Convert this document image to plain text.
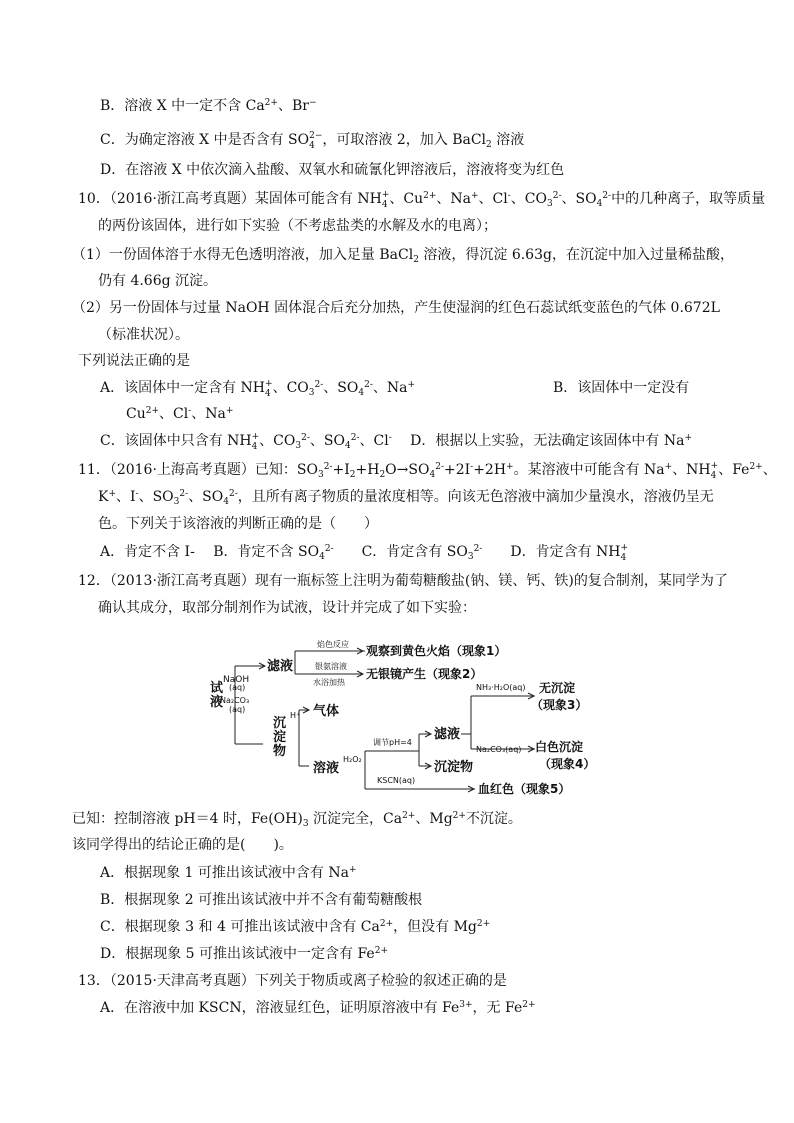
B．溶液 X 中一定不含 $Ca^{2+}$、Br−
C．为确定溶液 X 中是否含有 SO2−
4 ，可取溶液 2，加入 BaCl$_2$ 溶液
D．在溶液 X 中依次滴入盐酸、双氧水和硫氰化钾溶液后，溶液将变为红色
10．（2016·浙江高考真题）某固体可能含有 NH+
4 、$Cu^{2+}$、Na+、Cl-、$CO_3^{2-}$、$SO_4^{2-}$中的几种离子，取等质量
的两份该固体，进行如下实验（不考虑盐类的水解及水的电离）；
（1）一份固体溶于水得无色透明溶液，加入足量 BaCl$_2$ 溶液，得沉淀 6.63g，在沉淀中加入过量稀盐酸，
仍有 4.66g 沉淀。
（2）另一份固体与过量 NaOH 固体混合后充分加热，产生使湿润的红色石蕊试纸变蓝色的气体 0.672L
（标准状况）。
下列说法正确的是
A．该固体中一定含有 NH+
4 、$CO_3^{2-}$、$SO_4^{2-}$、Na+	B．该固体中一定没有
$Cu^{2+}$、Cl-、Na+
C．该固体中只含有 NH+
4 、$CO_3^{2-}$、$SO_4^{2-}$、Cl-　 D．根据以上实验，无法确定该固体中有 Na+
11．（2016·上海高考真题）已知：$SO_3^{2-}+I_2+H_2O\to SO_4^{2-}+2I^-+2H^+$。某溶液中可能含有 Na+、NH+
4 、$Fe^{2+}$、
K+、I-、$SO_3^{2-}$、$SO_4^{2-}$，且所有离子物质的量浓度相等。向该无色溶液中滴加少量溴水，溶液仍呈无
色。下列关于该溶液的判断正确的是（　　）
A．肯定不含 I-　 B．肯定不含 $SO_4^{2-}$　　C．肯定含有 $SO_3^{2-}$　　D．肯定含有 NH+
4
12．（2013·浙江高考真题）现有一瓶标签上注明为葡萄糖酸盐(钠、镁、钙、铁)的复合制剂，某同学为了
确认其成分，取部分制剂作为试液，设计并完成了如下实验：
试
液
NaOH
(aq)
Na₂CO₃
(aq)
滤液
焰色反应 观察到黄色火焰（现象1）
银氨溶液
水浴加热
无银镜产生（现象2）
沉
淀
物
H⁺ 气体
溶液
H₂O₂
调节pH=4
滤液
沉淀物
KSCN(aq)
血红色（现象5）
NH₃·H₂O(aq) 无沉淀
（现象3）
Na₂CO₃(aq) 白色沉淀
（现象4）
已知：控制溶液 pH＝4 时，$Fe(OH)_3$ 沉淀完全，$Ca^{2+}$、$Mg^{2+}$不沉淀。
该同学得出的结论正确的是(　　)。
A．根据现象 1 可推出该试液中含有 Na+
B．根据现象 2 可推出该试液中并不含有葡萄糖酸根
C．根据现象 3 和 4 可推出该试液中含有 $Ca^{2+}$，但没有 $Mg^{2+}$
D．根据现象 5 可推出该试液中一定含有 $Fe^{2+}$
13．（2015·天津高考真题）下列关于物质或离子检验的叙述正确的是
A．在溶液中加 KSCN，溶液显红色，证明原溶液中有 $Fe^{3+}$，无 $Fe^{2+}$
